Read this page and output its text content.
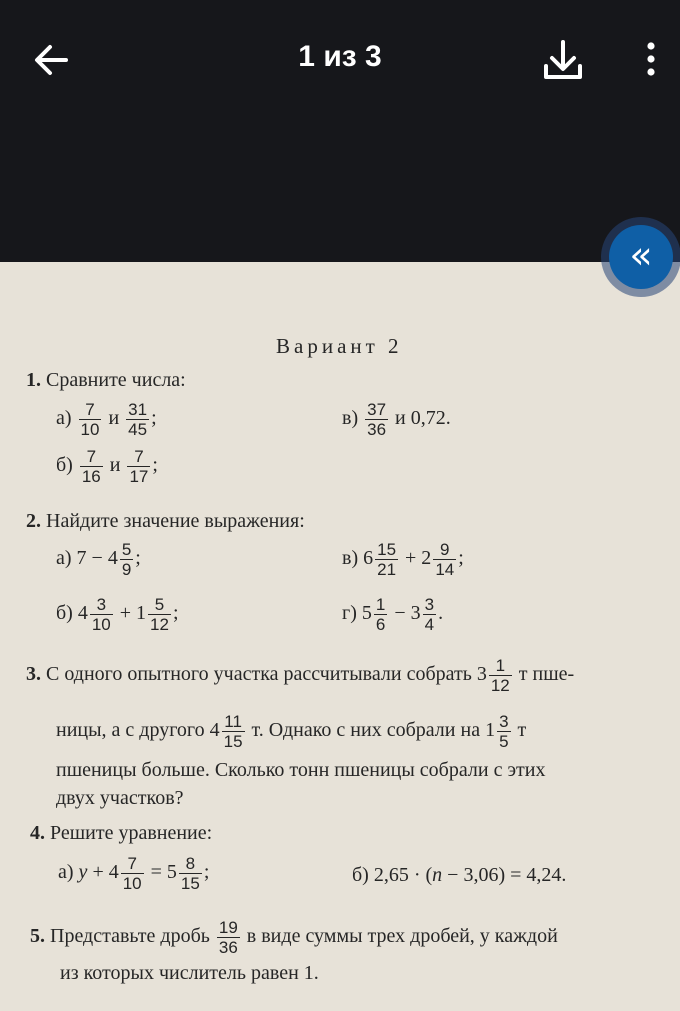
1 из 3
Вариант 2
1. Сравните числа:
$а) \frac{7}{10}$ и $\frac{31}{45}$ ;	$в) \frac{37}{36}$ и 0,72.
$б) \frac{7}{16}$ и $\frac{7}{17}$ ;
2. Найдите значение выражения:
а) $7 - 4 \frac{5}{9}$ ;	в) $6 \frac{15}{21} + 2 \frac{9}{14}$ ;
б) $4 \frac{3}{10} + 1 \frac{5}{12}$ ;	г) $5 \frac{1}{6} - 3 \frac{3}{4}$ .
3. С одного опытного участка рассчитывали собрать $3 \frac{1}{12}$ т пше-
ницы, а с другого $4 \frac{11}{15} т$. Однако с них собрали на $1 \frac{3}{5}$ т
пшеницы больше. Сколько тонн пшеницы собрали с этих
двух участков?
4. Решите уравнение:
а) $y + 4 \frac{7}{10} = 5 \frac{8}{15}$ ;	б) 2,65 · (n − 3,06) = 4,24.
5. Представьте дробь $\frac{19}{36}$ в виде суммы трех дробей, у каждой
из которых числитель равен 1.
«
